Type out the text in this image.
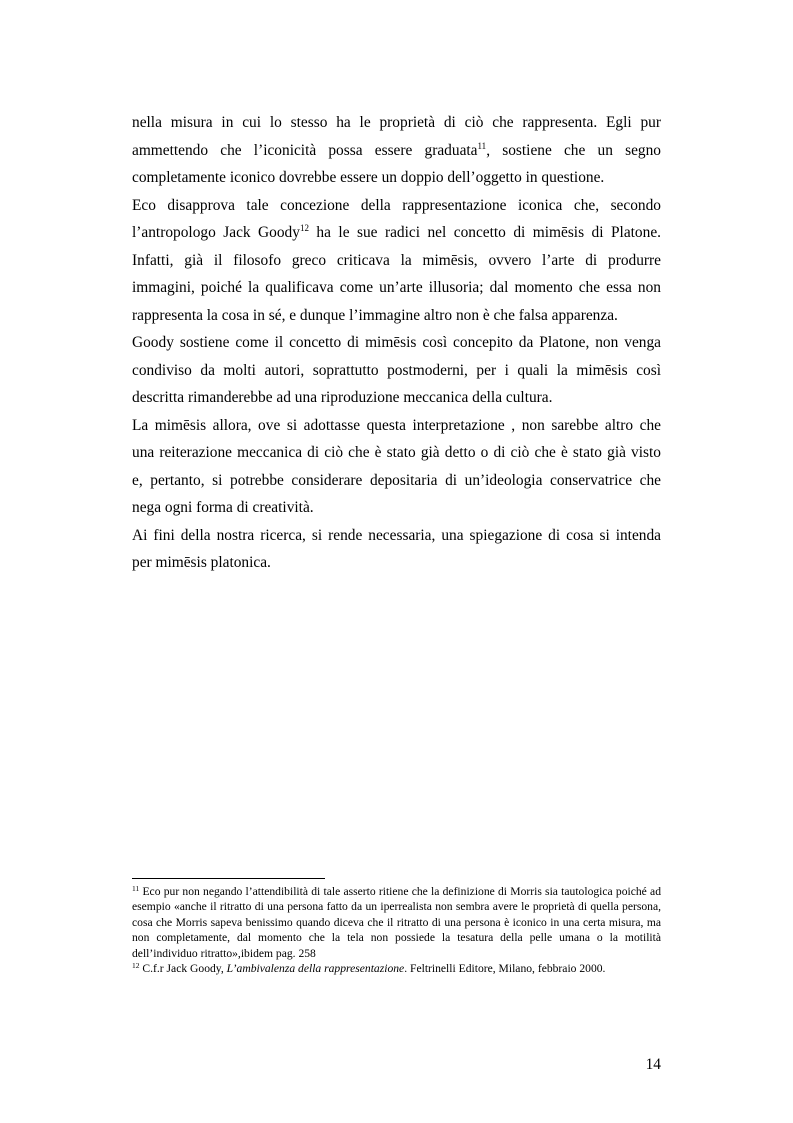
nella misura in cui lo stesso ha le proprietà di ciò che rappresenta. Egli pur
ammettendo che l’iconicità possa essere graduata$^{11}$, sostiene che un segno
completamente iconico dovrebbe essere un doppio dell’oggetto in questione.

Eco disapprova tale concezione della rappresentazione iconica che, secondo
l’antropologo Jack Goody$^{12}$ ha le sue radici nel concetto di mimēsis di Platone.
Infatti, già il filosofo greco criticava la mimēsis, ovvero l’arte di produrre
immagini, poiché la qualificava come un’arte illusoria; dal momento che essa non
rappresenta la cosa in sé, e dunque l’immagine altro non è che falsa apparenza.

Goody sostiene come il concetto di mimēsis così concepito da Platone, non venga
condiviso da molti autori, soprattutto postmoderni, per i quali la mimēsis così
descritta rimanderebbe ad una riproduzione meccanica della cultura.

La mimēsis allora, ove si adottasse questa interpretazione , non sarebbe altro che
una reiterazione meccanica di ciò che è stato già detto o di ciò che è stato già visto
e, pertanto, si potrebbe considerare depositaria di un’ideologia conservatrice che
nega ogni forma di creatività.

Ai fini della nostra ricerca, si rende necessaria, una spiegazione di cosa si intenda
per mimēsis platonica.

$^{11}$ Eco pur non negando l’attendibilità di tale asserto ritiene che la definizione di Morris sia tautologica poiché ad esempio «anche il ritratto di una persona fatto da un iperrealista non sembra avere le proprietà di quella persona, cosa che Morris sapeva benissimo quando diceva che il ritratto di una persona è iconico in una certa misura, ma non completamente, dal momento che la tela non possiede la tesatura della pelle umana o la motilità dell’individuo ritratto»,ibidem pag. 258

$^{12}$ C.f.r Jack Goody, L’ambivalenza della rappresentazione. Feltrinelli Editore, Milano, febbraio 2000.

14
